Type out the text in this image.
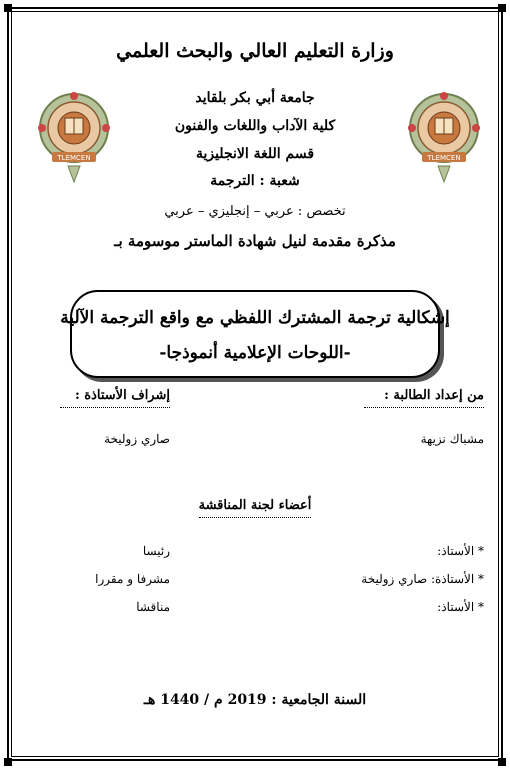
TLEMCEN	TLEMCEN
وزارة التعليم العالي والبحث العلمي
جامعة أبي بكر بلقايد
كلية الآداب واللغات والفنون
قسم اللغة الانجليزية
شعبة : الترجمة
تخصص : عربي – إنجليزي – عربي
مذكرة مقدمة لنيل شهادة الماستر موسومة بـ
إشكالية ترجمة المشترك اللفظي مع واقع الترجمة الآلية
-اللوحات الإعلامية أنموذجا-
من إعداد الطالبة :
إشراف الأستاذة :
مشباك نزيهة
صاري زوليخة
أعضاء لجنة المناقشة
* الأستاذ:
رئيسا
* الأستاذة: صاري زوليخة
مشرفا و مقررا
* الأستاذ:
مناقشا
السنة الجامعية : 2019 م / 1440 هـ
